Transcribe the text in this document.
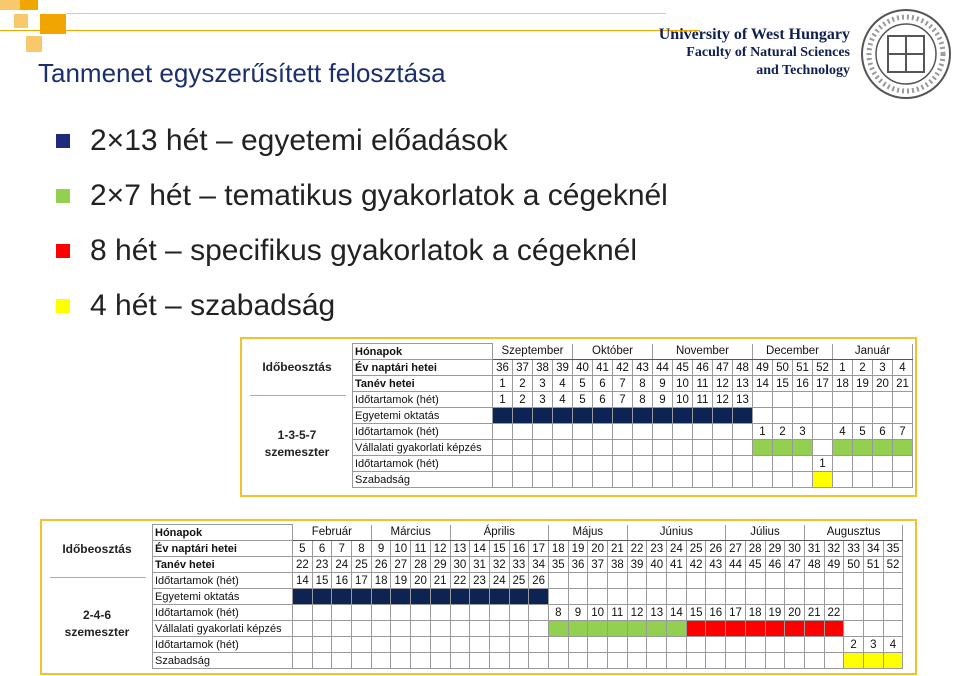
Tanmenet egyszerűsített felosztása
University of West Hungary
Faculty of Natural Sciences
and Technology
2×13 hét – egyetemi előadások
2×7 hét – tematikus gyakorlatok a cégeknél
8 hét – specifikus gyakorlatok a cégeknél
4 hét – szabadság
Időbeosztás
1-3-5-7
szemeszter
Hónapok	Szeptember				Október				November					December				Január			
Év naptári hetei	36	37	38	39	40	41	42	43	44	45	46	47	48	49	50	51	52	1	2	3	4
Tanév hetei	1	2	3	4	5	6	7	8	9	10	11	12	13	14	15	16	17	18	19	20	21
Időtartamok (hét)	1	2	3	4	5	6	7	8	9	10	11	12	13								
Egyetemi oktatás																					
Időtartamok (hét)														1	2	3		4	5	6	7
Vállalati gyakorlati képzés																					
Időtartamok (hét)																	1				
Szabadság																					
Időbeosztás
2-4-6
szemeszter
Hónapok	Február				Március				Április					Május				Június					Július				Augusztus				
Év naptári hetei	5	6	7	8	9	10	11	12	13	14	15	16	17	18	19	20	21	22	23	24	25	26	27	28	29	30	31	32	33	34	35
Tanév hetei	22	23	24	25	26	27	28	29	30	31	32	33	34	35	36	37	38	39	40	41	42	43	44	45	46	47	48	49	50	51	52
Időtartamok (hét)	14	15	16	17	18	19	20	21	22	23	24	25	26																		
Egyetemi oktatás																															
Időtartamok (hét)														8	9	10	11	12	13	14	15	16	17	18	19	20	21	22			
Vállalati gyakorlati képzés																															
Időtartamok (hét)																													2	3	4
Szabadság																															
